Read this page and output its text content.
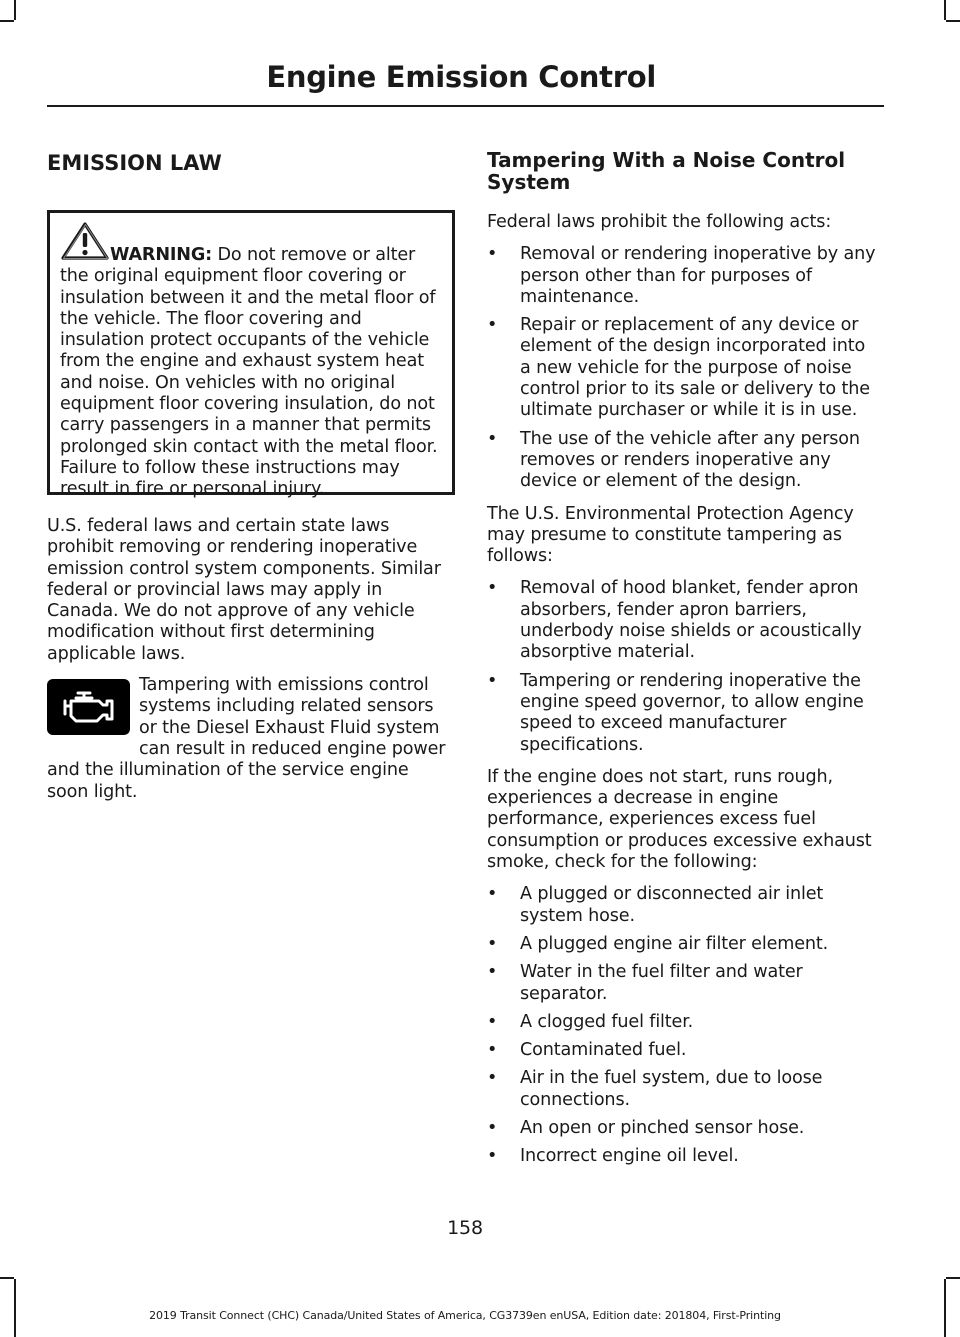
Engine Emission Control
EMISSION LAW

WARNING: Do not remove or alter the original equipment floor covering or insulation between it and the metal floor of the vehicle. The floor covering and insulation protect occupants of the vehicle from the engine and exhaust system heat and noise. On vehicles with no original equipment floor covering insulation, do not carry passengers in a manner that permits prolonged skin contact with the metal floor. Failure to follow these instructions may result in fire or personal injury.

U.S. federal laws and certain state laws prohibit removing or rendering inoperative emission control system components. Similar federal or provincial laws may apply in Canada. We do not approve of any vehicle modification without first determining applicable laws.

Tampering with emissions control systems including related sensors or the Diesel Exhaust Fluid system can result in reduced engine power and the illumination of the service engine soon light.

Tampering With a Noise Control System

Federal laws prohibit the following acts:

• Removal or rendering inoperative by any person other than for purposes of maintenance.
• Repair or replacement of any device or element of the design incorporated into a new vehicle for the purpose of noise control prior to its sale or delivery to the ultimate purchaser or while it is in use.
• The use of the vehicle after any person removes or renders inoperative any device or element of the design.

The U.S. Environmental Protection Agency may presume to constitute tampering as follows:

• Removal of hood blanket, fender apron absorbers, fender apron barriers, underbody noise shields or acoustically absorptive material.
• Tampering or rendering inoperative the engine speed governor, to allow engine speed to exceed manufacturer specifications.

If the engine does not start, runs rough, experiences a decrease in engine performance, experiences excess fuel consumption or produces excessive exhaust smoke, check for the following:

• A plugged or disconnected air inlet system hose.
• A plugged engine air filter element.
• Water in the fuel filter and water separator.
• A clogged fuel filter.
• Contaminated fuel.
• Air in the fuel system, due to loose connections.
• An open or pinched sensor hose.
• Incorrect engine oil level.

158

2019 Transit Connect (CHC) Canada/United States of America, CG3739en enUSA, Edition date: 201804, First-Printing
